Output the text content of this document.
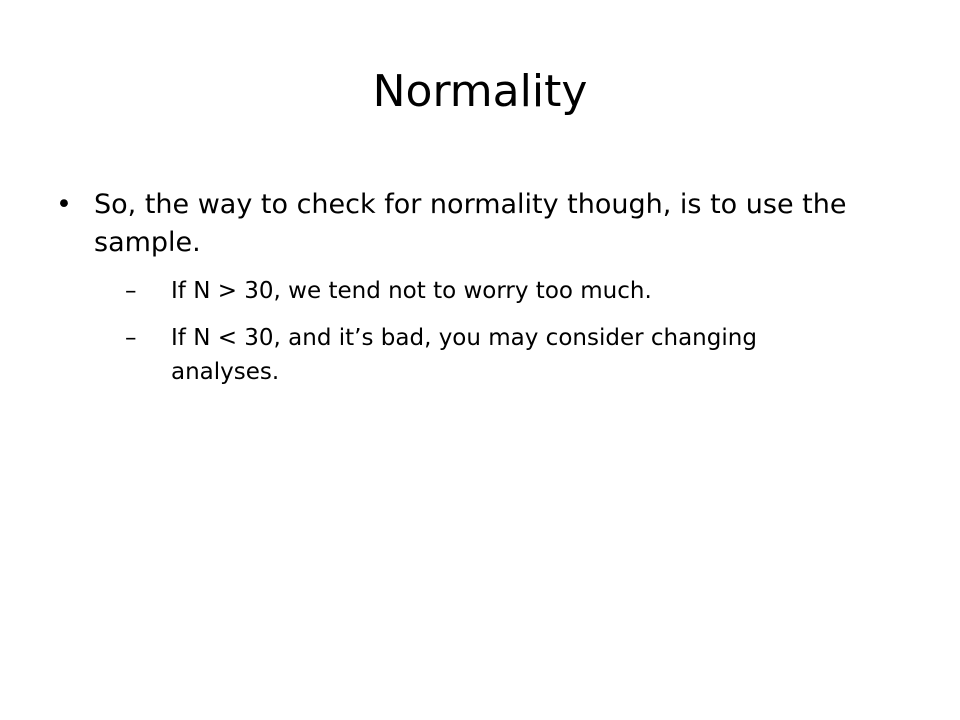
Normality
• So, the way to check for normality though, is to use the sample.
– If N > 30, we tend not to worry too much.
– If N < 30, and it’s bad, you may consider changing analyses.
